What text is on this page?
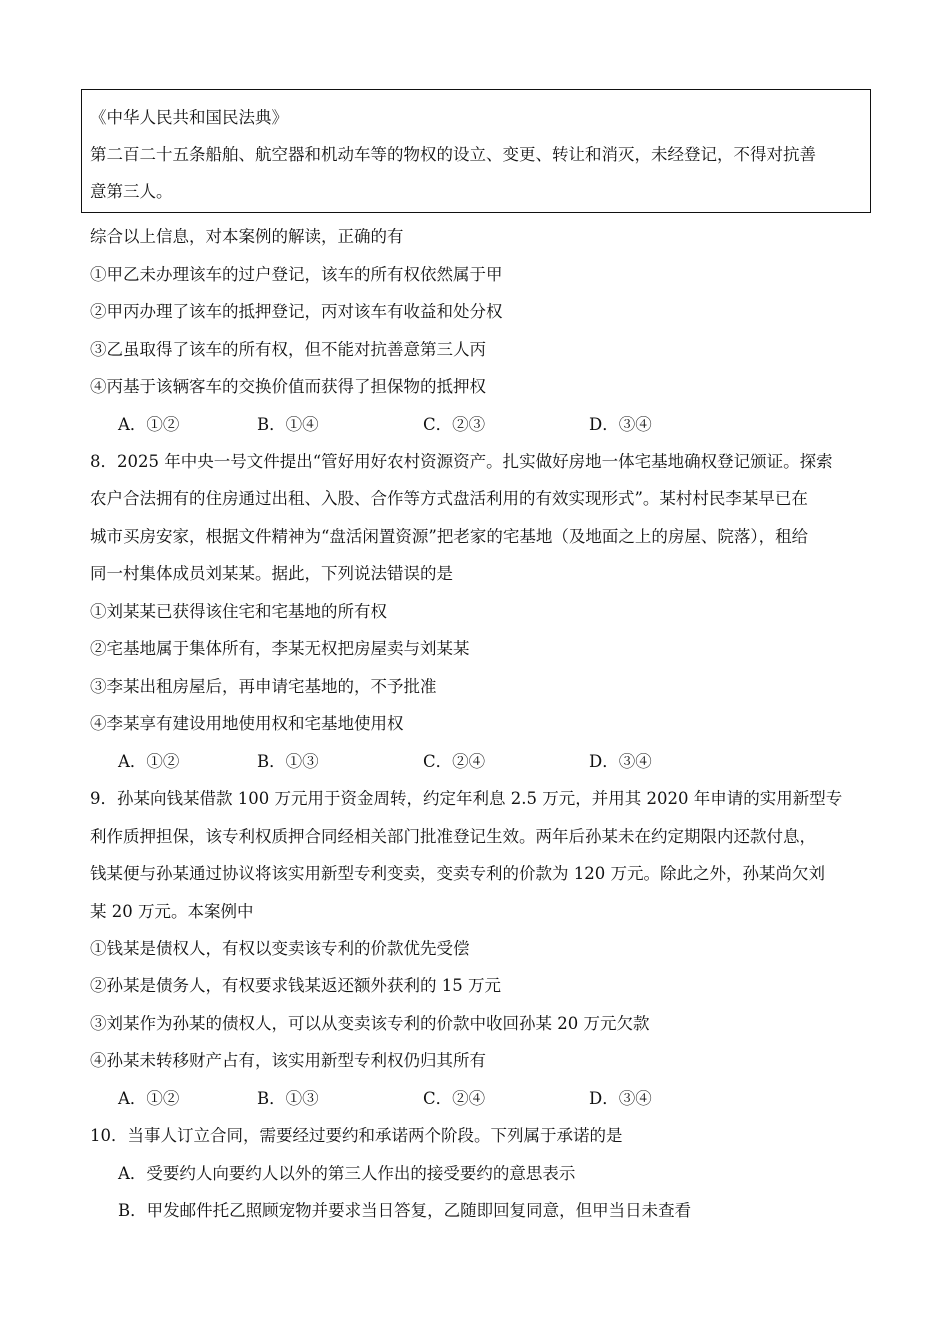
《中华人民共和国民法典》
第二百二十五条船舶、航空器和机动车等的物权的设立、变更、转让和消灭，未经登记，不得对抗善
意第三人。
综合以上信息，对本案例的解读，正确的有
①甲乙未办理该车的过户登记，该车的所有权依然属于甲
②甲丙办理了该车的抵押登记，丙对该车有收益和处分权
③乙虽取得了该车的所有权，但不能对抗善意第三人丙
④丙基于该辆客车的交换价值而获得了担保物的抵押权
A．①②	B．①④	C．②③	D．③④
8．2025 年中央一号文件提出“管好用好农村资源资产。扎实做好房地一体宅基地确权登记颁证。探索
农户合法拥有的住房通过出租、入股、合作等方式盘活利用的有效实现形式”。某村村民李某早已在
城市买房安家，根据文件精神为“盘活闲置资源”把老家的宅基地（及地面之上的房屋、院落），租给
同一村集体成员刘某某。据此，下列说法错误的是
①刘某某已获得该住宅和宅基地的所有权
②宅基地属于集体所有，李某无权把房屋卖与刘某某
③李某出租房屋后，再申请宅基地的，不予批准
④李某享有建设用地使用权和宅基地使用权
A．①②	B．①③	C．②④	D．③④
9．孙某向钱某借款 100 万元用于资金周转，约定年利息 2.5 万元，并用其 2020 年申请的实用新型专
利作质押担保，该专利权质押合同经相关部门批准登记生效。两年后孙某未在约定期限内还款付息，
钱某便与孙某通过协议将该实用新型专利变卖，变卖专利的价款为 120 万元。除此之外，孙某尚欠刘
某 20 万元。本案例中
①钱某是债权人，有权以变卖该专利的价款优先受偿
②孙某是债务人，有权要求钱某返还额外获利的 15 万元
③刘某作为孙某的债权人，可以从变卖该专利的价款中收回孙某 20 万元欠款
④孙某未转移财产占有，该实用新型专利权仍归其所有
A．①②	B．①③	C．②④	D．③④
10．当事人订立合同，需要经过要约和承诺两个阶段。下列属于承诺的是
A．受要约人向要约人以外的第三人作出的接受要约的意思表示
B．甲发邮件托乙照顾宠物并要求当日答复，乙随即回复同意，但甲当日未查看
